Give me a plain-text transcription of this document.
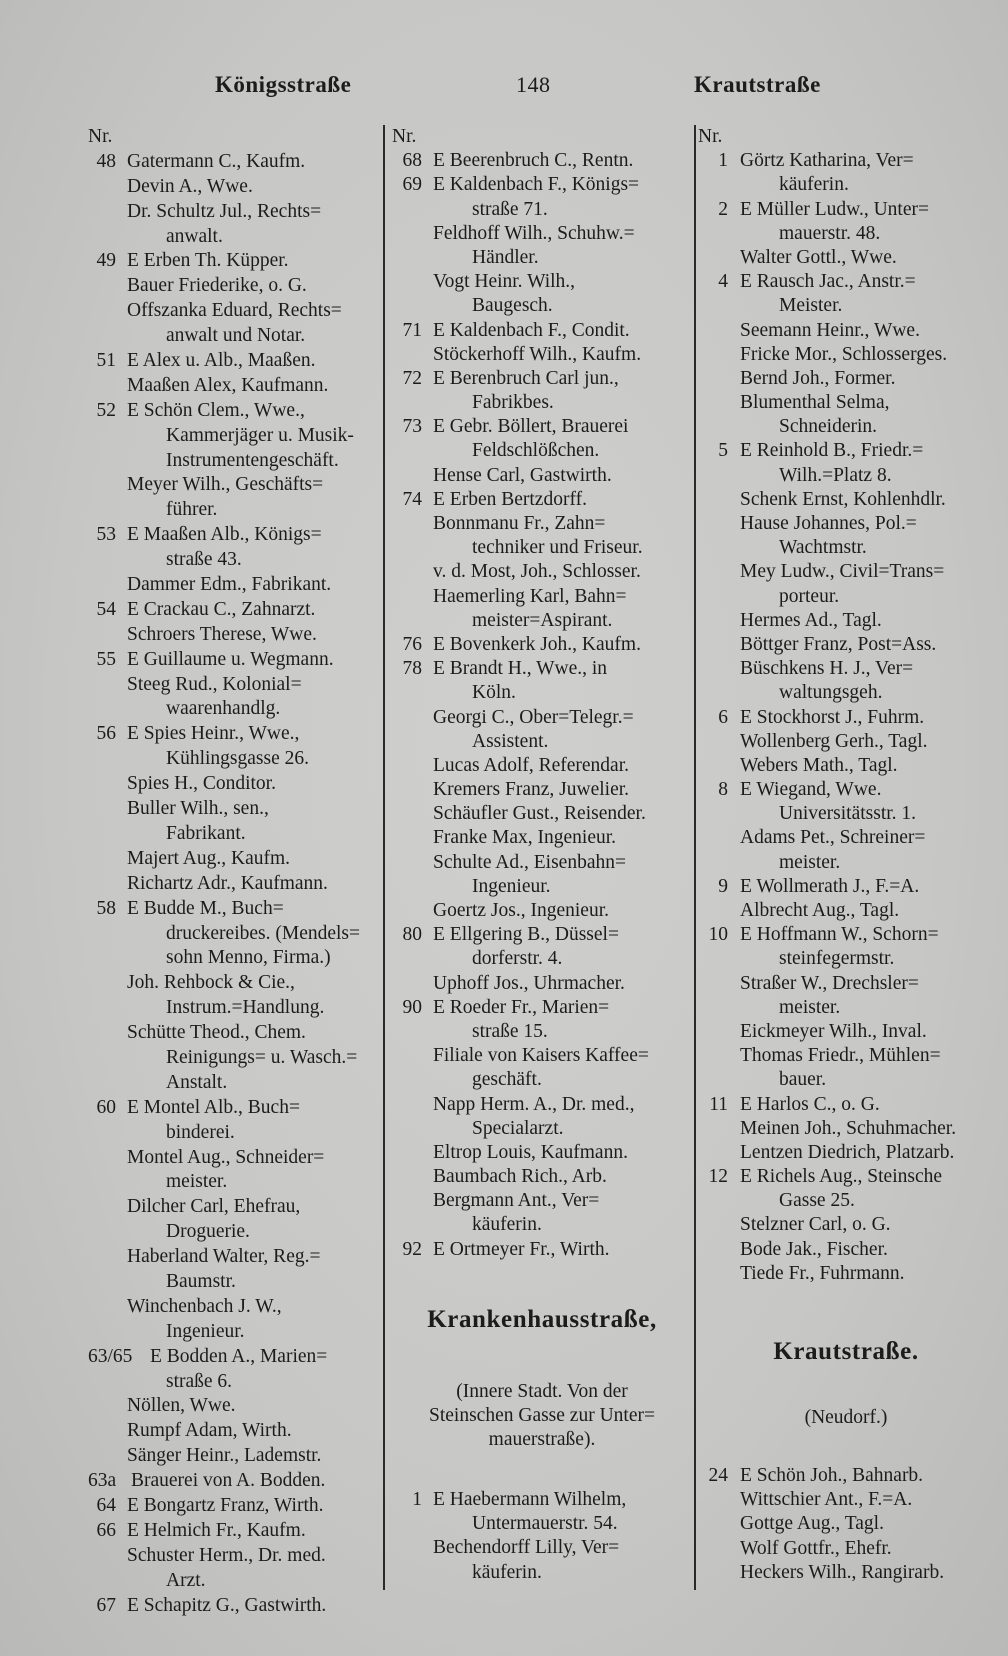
Königsstraße	148	Krautstraße
Nr.
48 Gatermann C., Kaufm.
Devin A., Wwe.
Dr. Schultz Jul., Rechts=
anwalt.
49 E Erben Th. Küpper.
Bauer Friederike, o. G.
Offszanka Eduard, Rechts=
anwalt und Notar.
51 E Alex u. Alb., Maaßen.
Maaßen Alex, Kaufmann.
52 E Schön Clem., Wwe.,
Kammerjäger u. Musik-
Instrumentengeschäft.
Meyer Wilh., Geschäfts=
führer.
53 E Maaßen Alb., Königs=
straße 43.
Dammer Edm., Fabrikant.
54 E Crackau C., Zahnarzt.
Schroers Therese, Wwe.
55 E Guillaume u. Wegmann.
Steeg Rud., Kolonial=
waarenhandlg.
56 E Spies Heinr., Wwe.,
Kühlingsgasse 26.
Spies H., Conditor.
Buller Wilh., sen.,
Fabrikant.
Majert Aug., Kaufm.
Richartz Adr., Kaufmann.
58 E Budde M., Buch=
druckereibes. (Mendels=
sohn Menno, Firma.)
Joh. Rehbock & Cie.,
Instrum.=Handlung.
Schütte Theod., Chem.
Reinigungs= u. Wasch.=
Anstalt.
60 E Montel Alb., Buch=
binderei.
Montel Aug., Schneider=
meister.
Dilcher Carl, Ehefrau,
Droguerie.
Haberland Walter, Reg.=
Baumstr.
Winchenbach J. W.,
Ingenieur.
63/65 E Bodden A., Marien=
straße 6.
Nöllen, Wwe.
Rumpf Adam, Wirth.
Sänger Heinr., Lademstr.
63a Brauerei von A. Bodden.
64 E Bongartz Franz, Wirth.
66 E Helmich Fr., Kaufm.
Schuster Herm., Dr. med.
Arzt.
67 E Schapitz G., Gastwirth.
Nr.
68 E Beerenbruch C., Rentn.
69 E Kaldenbach F., Königs=
straße 71.
Feldhoff Wilh., Schuhw.=
Händler.
Vogt Heinr. Wilh.,
Baugesch.
71 E Kaldenbach F., Condit.
Stöckerhoff Wilh., Kaufm.
72 E Berenbruch Carl jun.,
Fabrikbes.
73 E Gebr. Böllert, Brauerei
Feldschlößchen.
Hense Carl, Gastwirth.
74 E Erben Bertzdorff.
Bonnmanu Fr., Zahn=
techniker und Friseur.
v. d. Most, Joh., Schlosser.
Haemerling Karl, Bahn=
meister=Aspirant.
76 E Bovenkerk Joh., Kaufm.
78 E Brandt H., Wwe., in
Köln.
Georgi C., Ober=Telegr.=
Assistent.
Lucas Adolf, Referendar.
Kremers Franz, Juwelier.
Schäufler Gust., Reisender.
Franke Max, Ingenieur.
Schulte Ad., Eisenbahn=
Ingenieur.
Goertz Jos., Ingenieur.
80 E Ellgering B., Düssel=
dorferstr. 4.
Uphoff Jos., Uhrmacher.
90 E Roeder Fr., Marien=
straße 15.
Filiale von Kaisers Kaffee=
geschäft.
Napp Herm. A., Dr. med.,
Specialarzt.
Eltrop Louis, Kaufmann.
Baumbach Rich., Arb.
Bergmann Ant., Ver=
käuferin.
92 E Ortmeyer Fr., Wirth.
Krankenhausstraße,
(Innere Stadt. Von der
Steinschen Gasse zur Unter=
mauerstraße).
1 E Haebermann Wilhelm,
Untermauerstr. 54.
Bechendorff Lilly, Ver=
käuferin.
Nr.
1 Görtz Katharina, Ver=
käuferin.
2 E Müller Ludw., Unter=
mauerstr. 48.
Walter Gottl., Wwe.
4 E Rausch Jac., Anstr.=
Meister.
Seemann Heinr., Wwe.
Fricke Mor., Schlosserges.
Bernd Joh., Former.
Blumenthal Selma,
Schneiderin.
5 E Reinhold B., Friedr.=
Wilh.=Platz 8.
Schenk Ernst, Kohlenhdlr.
Hause Johannes, Pol.=
Wachtmstr.
Mey Ludw., Civil=Trans=
porteur.
Hermes Ad., Tagl.
Böttger Franz, Post=Ass.
Büschkens H. J., Ver=
waltungsgeh.
6 E Stockhorst J., Fuhrm.
Wollenberg Gerh., Tagl.
Webers Math., Tagl.
8 E Wiegand, Wwe.
Universitätsstr. 1.
Adams Pet., Schreiner=
meister.
9 E Wollmerath J., F.=A.
Albrecht Aug., Tagl.
10 E Hoffmann W., Schorn=
steinfegermstr.
Straßer W., Drechsler=
meister.
Eickmeyer Wilh., Inval.
Thomas Friedr., Mühlen=
bauer.
11 E Harlos C., o. G.
Meinen Joh., Schuhmacher.
Lentzen Diedrich, Platzarb.
12 E Richels Aug., Steinsche
Gasse 25.
Stelzner Carl, o. G.
Bode Jak., Fischer.
Tiede Fr., Fuhrmann.
Krautstraße.
(Neudorf.)
24 E Schön Joh., Bahnarb.
Wittschier Ant., F.=A.
Gottge Aug., Tagl.
Wolf Gottfr., Ehefr.
Heckers Wilh., Rangirarb.
